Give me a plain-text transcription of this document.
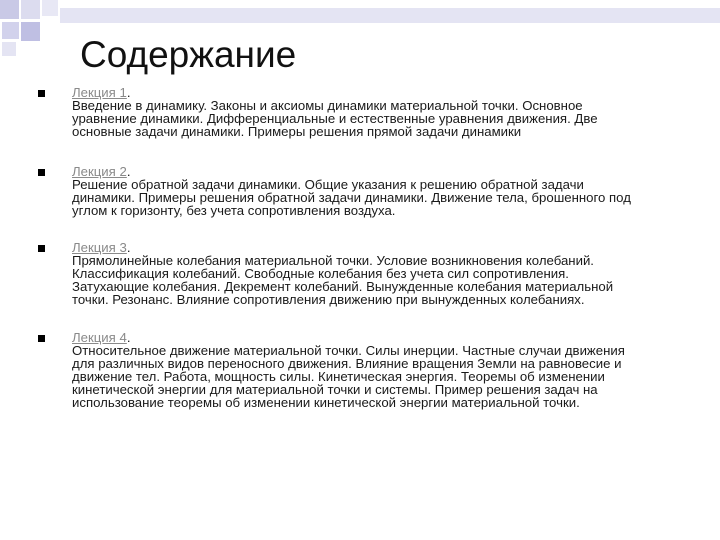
Содержание
Лекция 1.
Введение в динамику. Законы и аксиомы динамики материальной точки. Основное
уравнение динамики. Дифференциальные и естественные уравнения движения. Две
основные задачи динамики. Примеры решения прямой задачи динамики
Лекция 2.
Решение обратной задачи динамики. Общие указания к решению обратной задачи
динамики. Примеры решения обратной задачи динамики. Движение тела, брошенного под
углом к горизонту, без учета сопротивления воздуха.
Лекция 3.
Прямолинейные колебания материальной точки. Условие возникновения колебаний.
Классификация колебаний. Свободные колебания без учета сил сопротивления.
Затухающие колебания. Декремент колебаний. Вынужденные колебания материальной
точки. Резонанс. Влияние сопротивления движению при вынужденных колебаниях.
Лекция 4.
Относительное движение материальной точки. Силы инерции. Частные случаи движения
для различных видов переносного движения. Влияние вращения Земли на равновесие и
движение тел. Работа, мощность силы. Кинетическая энергия. Теоремы об изменении
кинетической энергии для материальной точки и системы. Пример решения задач на
использование теоремы об изменении кинетической энергии материальной точки.
